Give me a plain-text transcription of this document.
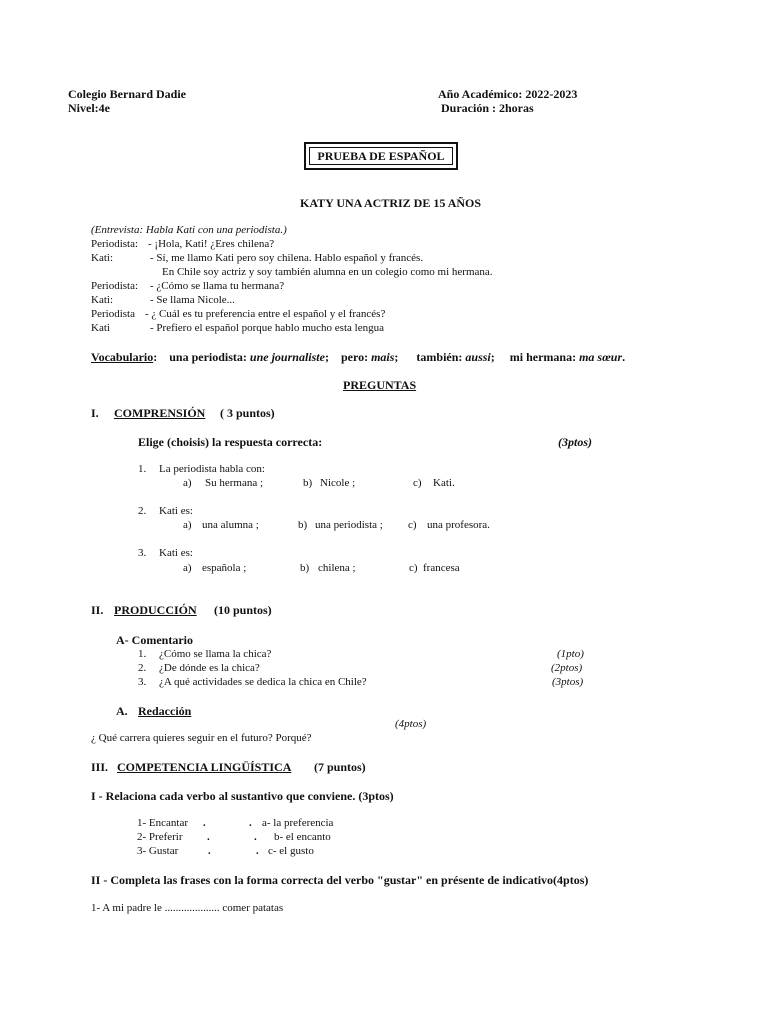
Colegio Bernard Dadie
Nivel:4e
Año Académico: 2022-2023
Duración : 2horas
PRUEBA DE ESPAÑOL
KATY UNA ACTRIZ DE 15 AÑOS
(Entrevista: Habla Kati con una periodista.)
Periodista: - ¡Hola, Kati! ¿Eres chilena?
Kati:	- Sí, me llamo Kati pero soy chilena. Hablo español y francés.
En Chile soy actriz y soy también alumna en un colegio como mi hermana.
Periodista: - ¿Cómo se llama tu hermana?
Kati:	- Se llama Nicole...
Periodista - ¿ Cuál es tu preferencia entre el español y el francés?
Kati	- Prefiero el español porque hablo mucho esta lengua
Vocabulario:    una periodista: une journaliste; pero: mais; también: aussi; mi hermana: ma sœur.
PREGUNTAS
I. COMPRENSIÓN ( 3 puntos)
Elige (choisis) la respuesta correcta:	(3ptos)
1. La periodista habla con:
a) Su hermana ;	b) Nicole ;	c) Kati.
2. Kati es:
a) una alumna ;	b) una periodista ; c) una profesora.
3. Kati es:
a) española ;	b) chilena ;	c) francesa
II. PRODUCCIÓN (10 puntos)
A- Comentario
1. ¿Cómo se llama la chica?	(1pto)
2. ¿De dónde es la chica?	(2ptos)
3. ¿A qué actividades se dedica la chica en Chile?	(3ptos)
A. Redacción
(4ptos)
¿ Qué carrera quieres seguir en el futuro? Porqué?
III. COMPETENCIA LINGÜÍSTICA (7 puntos)
I - Relaciona cada verbo al sustantivo que conviene. (3ptos)
1- Encantar .	. a- la preferencia
2- Preferir .	. b- el encanto
3- Gustar	.	. c- el gusto
II - Completa las frases con la forma correcta del verbo "gustar" en présente de indicativo(4ptos)
1- A mi padre le .................... comer patatas
